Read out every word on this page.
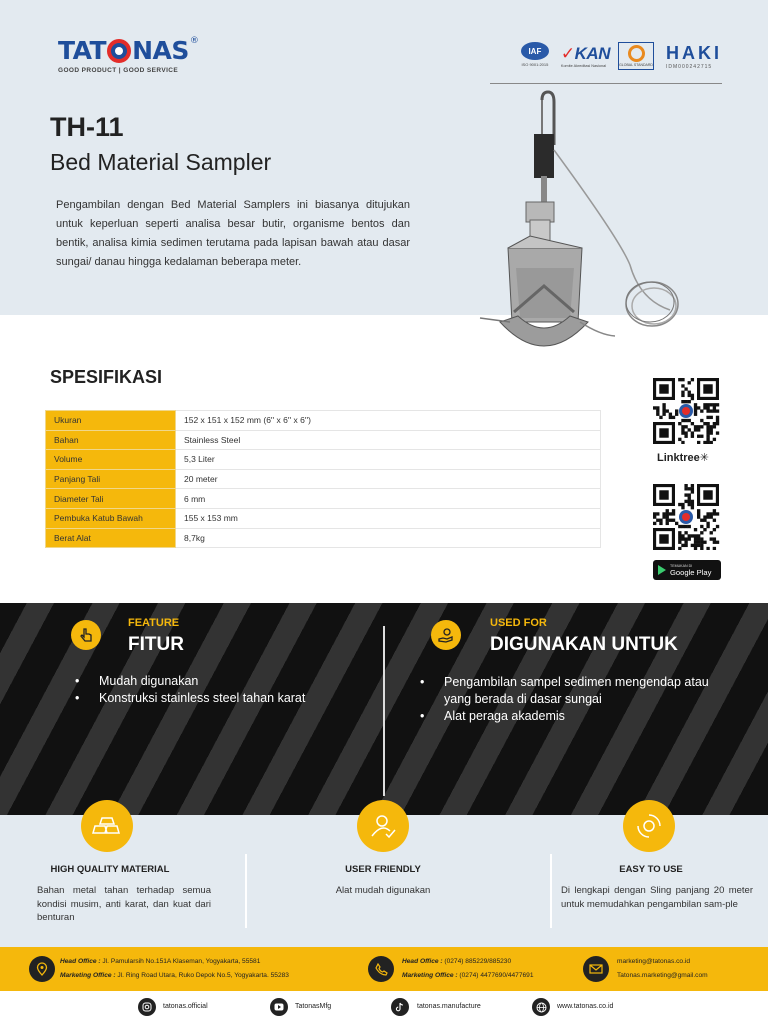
TAT NAS ®
GOOD PRODUCT | GOOD SERVICE
IAF
ISO 9001:2015
✓KAN
Komite Akreditasi Nasional	GLOBAL STANDARD
HAKI
IDM000242715
TH-11
Bed Material Sampler

Pengambilan dengan Bed Material Samplers ini biasanya ditujukan untuk keperluan seperti analisa besar butir, organisme bentos dan bentik, analisa kimia sedimen terutama pada lapisan bawah atau dasar sungai/ danau hingga kedalaman beberapa meter.

SPESIFIKASI
Ukuran	152 x 151 x 152 mm (6'' x 6'' x 6'')
Bahan	Stainless Steel
Volume	5,3 Liter
Panjang Tali	20 meter
Diameter Tali	6 mm
Pembuka Katub Bawah	155 x 153 mm
Berat Alat	8,7kg
Linktree✳
TEMUKAN DI
Google Play
FEATURE
FITUR
• Mudah digunakan
• Konstruksi stainless steel tahan karat
USED FOR
DIGUNAKAN UNTUK
• Pengambilan sampel sedimen mengendap atau yang berada di dasar sungai
• Alat peraga akademis
HIGH QUALITY MATERIAL
Bahan metal tahan terhadap semua kondisi musim, anti karat, dan kuat dari benturan
USER FRIENDLY
Alat mudah digunakan
EASY TO USE
Di lengkapi dengan Sling panjang 20 meter untuk memudahkan pengambilan sam-ple
Head Office : Jl. Pamularsih No.151A Klaseman, Yogyakarta, 55581
Marketing Office : Jl. Ring Road Utara, Ruko Depok No.5, Yogyakarta. 55283
Head Office : (0274) 885229/885230
Marketing Office : (0274) 4477690/4477691
marketing@tatonas.co.id
Tatonas.marketing@gmail.com
tatonas.official	TatonasMfg	tatonas.manufacture	www.tatonas.co.id
